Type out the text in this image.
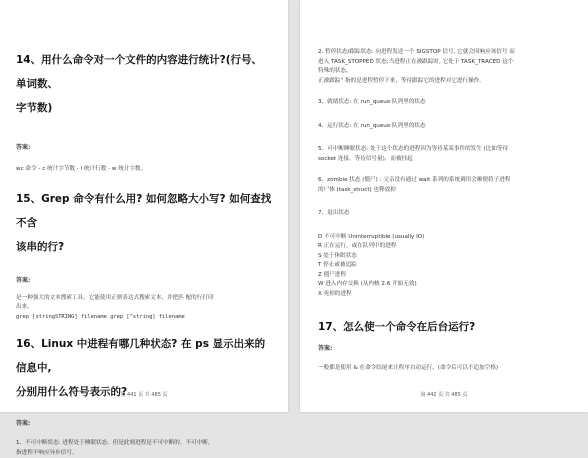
14、用什么命令对一个文件的内容进行统计?(行号、单词数、
字节数)

答案:

wc 命令 - c 统计字节数 - l 统计行数 - w 统计字数。

15、Grep 命令有什么用? 如何忽略大小写? 如何查找不含
该串的行?

答案:

是一种强大的文本搜索工具，它能使用正则表达式搜索文本，并把匹 配的行打印
出来。
grep [stringSTRING] filename grep [^string] filename

16、Linux 中进程有哪几种状态? 在 ps 显示出来的信息中,
分别用什么符号表示的?

答案:

1、不可中断状态: 进程处于睡眠状态，但是此刻进程是不可中断的。不可中断,
指进程不响应异步信号。

第 441 页 共 485 页

2. 暂停状态/跟踪状态: 向进程发送一个 SIGSTOP 信号, 它就会因响应该信号 而
进入 TASK_STOPPED 状态;当进程正在被跟踪时, 它处于 TASK_TRACED 这个
特殊的状态。
正被跟踪” 指的是进程暂停下来，等待跟踪它的进程对它进行操作。

3、就绪状态: 在 run_queue 队列里的状态

4、运行状态: 在 run_queue 队列里的状态

5、可中断睡眠状态: 处于这个状态的进程因为等待某某事件的发生 (比如等待
socket 连接、等待信号量)，而被挂起

6、zombie 状态 (僵尸) : 父亲没有通过 wait 系列的系统调用会顺便将子进程
的尸体 (task_struct) 也释放掉

7、退出状态

D 不可中断 Uninterruptible (usually IO)
R 正在运行，或在队列中的进程
S 处于休眠状态
T 停止或被追踪
Z 僵尸进程
W 进入内存交换 (从内核 2.6 开始无效)
X 死掉的进程

17、怎么使一个命令在后台运行?

答案:

一般都是使用 & 在命令结尾来让程序自动运行。(命令后可以不追加空格)

第 442 页 共 485 页
